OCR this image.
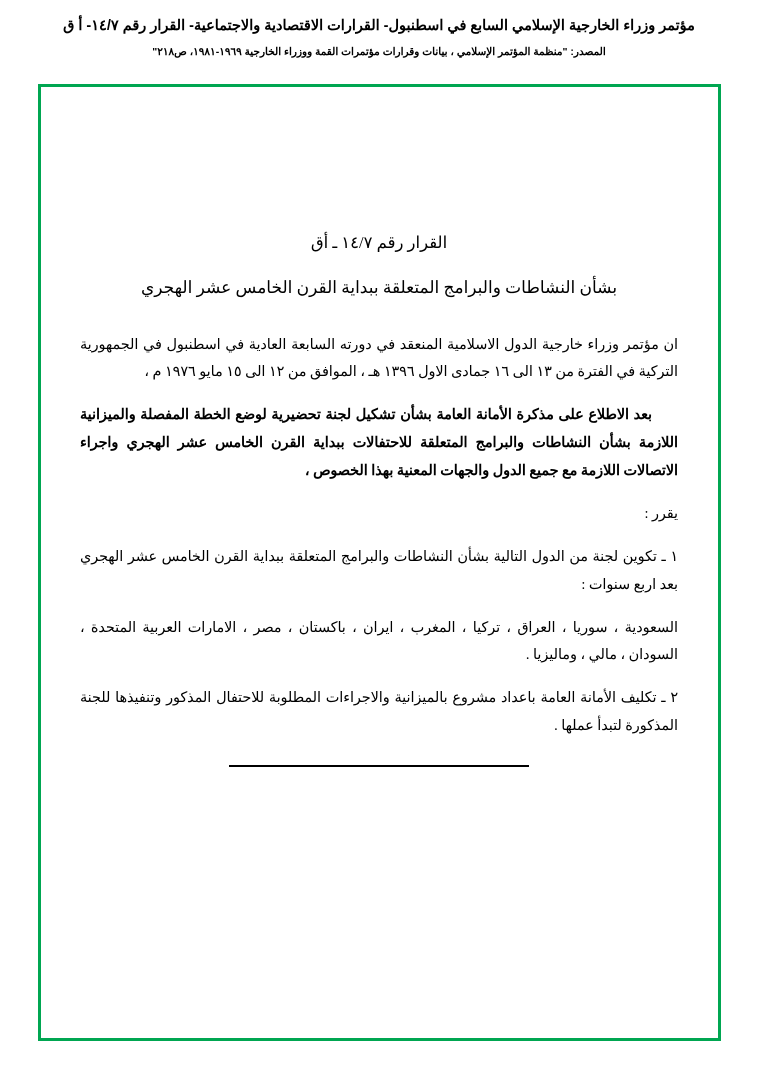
مؤتمر وزراء الخارجية الإسلامي السابع في اسطنبول- القرارات الاقتصادية والاجتماعية- القرار رقم ١٤/٧- أ ق
المصدر: "منظمة المؤتمر الإسلامي ، بيانات وقرارات مؤتمرات القمة ووزراء الخارجية ١٩٦٩-١٩٨١، ص٢١٨"
القرار رقم ١٤/٧ ـ أق
بشأن النشاطات والبرامج المتعلقة ببداية القرن الخامس عشر الهجري

ان مؤتمر وزراء خارجية الدول الاسلامية المنعقد في دورته السابعة العادية في اسطنبول في الجمهورية التركية في الفترة من ١٣ الى ١٦ جمادى الاول ١٣٩٦ هـ ، الموافق من ١٢ الى ١٥ مايو ١٩٧٦ م ،

بعد الاطلاع على مذكرة الأمانة العامة بشأن تشكيل لجنة تحضيرية لوضع الخطة المفصلة والميزانية اللازمة بشأن النشاطات والبرامج المتعلقة للاحتفالات ببداية القرن الخامس عشر الهجري واجراء الاتصالات اللازمة مع جميع الدول والجهات المعنية بهذا الخصوص ،

يقرر :

١ ـ تكوين لجنة من الدول التالية بشأن النشاطات والبرامج المتعلقة ببداية القرن الخامس عشر الهجري بعد اربع سنوات :

السعودية ، سوريا ، العراق ، تركيا ، المغرب ، ايران ، باكستان ، مصر ، الامارات العربية المتحدة ، السودان ، مالي ، وماليزيا .

٢ ـ تكليف الأمانة العامة باعداد مشروع بالميزانية والاجراءات المطلوبة للاحتفال المذكور وتنفيذها للجنة المذكورة لتبدأ عملها .
